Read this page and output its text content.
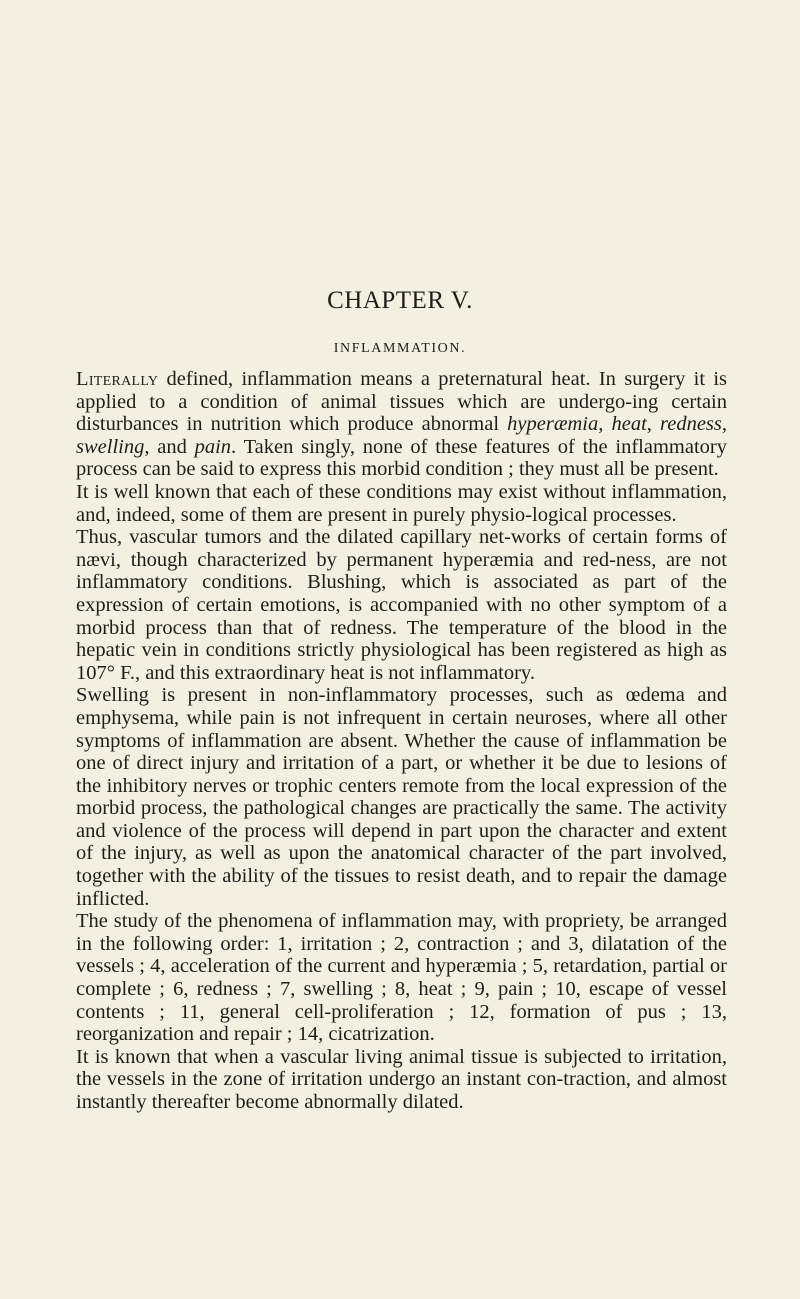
CHAPTER V.
INFLAMMATION.

Literally defined, inflammation means a preternatural heat. In surgery it is applied to a condition of animal tissues which are undergo-ing certain disturbances in nutrition which produce abnormal hyperæmia, heat, redness, swelling, and pain. Taken singly, none of these features of the inflammatory process can be said to express this morbid condition ; they must all be present.

It is well known that each of these conditions may exist without inflammation, and, indeed, some of them are present in purely physio-logical processes.

Thus, vascular tumors and the dilated capillary net-works of certain forms of nævi, though characterized by permanent hyperæmia and red-ness, are not inflammatory conditions. Blushing, which is associated as part of the expression of certain emotions, is accompanied with no other symptom of a morbid process than that of redness. The temperature of the blood in the hepatic vein in conditions strictly physiological has been registered as high as 107° F., and this extraordinary heat is not inflammatory.

Swelling is present in non-inflammatory processes, such as œdema and emphysema, while pain is not infrequent in certain neuroses, where all other symptoms of inflammation are absent. Whether the cause of inflammation be one of direct injury and irritation of a part, or whether it be due to lesions of the inhibitory nerves or trophic centers remote from the local expression of the morbid process, the pathological changes are practically the same. The activity and violence of the process will depend in part upon the character and extent of the injury, as well as upon the anatomical character of the part involved, together with the ability of the tissues to resist death, and to repair the damage inflicted.

The study of the phenomena of inflammation may, with propriety, be arranged in the following order: 1, irritation ; 2, contraction ; and 3, dilatation of the vessels ; 4, acceleration of the current and hyperæmia ; 5, retardation, partial or complete ; 6, redness ; 7, swelling ; 8, heat ; 9, pain ; 10, escape of vessel contents ; 11, general cell-proliferation ; 12, formation of pus ; 13, reorganization and repair ; 14, cicatrization.

It is known that when a vascular living animal tissue is subjected to irritation, the vessels in the zone of irritation undergo an instant con-traction, and almost instantly thereafter become abnormally dilated.
